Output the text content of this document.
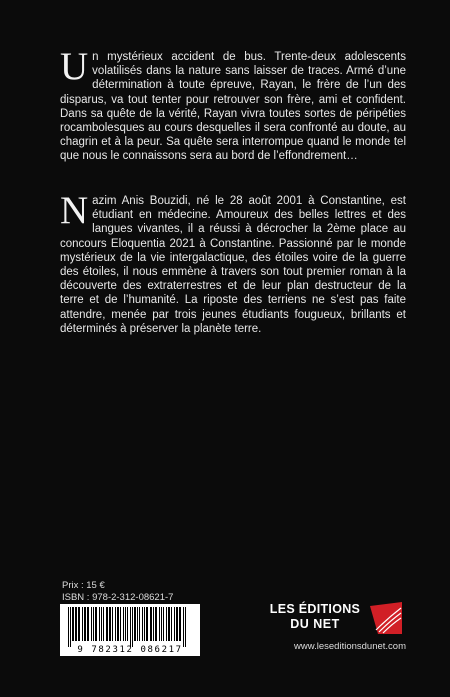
Un mystérieux accident de bus. Trente-deux adolescents volatilisés dans la nature sans laisser de traces. Armé d’une détermination à toute épreuve, Rayan, le frère de l’un des disparus, va tout tenter pour retrouver son frère, ami et confident. Dans sa quête de la vérité, Rayan vivra toutes sortes de péripéties rocambolesques au cours desquelles il sera confronté au doute, au chagrin et à la peur. Sa quête sera interrompue quand le monde tel que nous le connaissons sera au bord de l’effondrement…

Nazim Anis Bouzidi, né le 28 août 2001 à Constantine, est étudiant en médecine. Amoureux des belles lettres et des langues vivantes, il a réussi à décrocher la 2ème place au concours Eloquentia 2021 à Constantine. Passionné par le monde mystérieux de la vie intergalactique, des étoiles voire de la guerre des étoiles, il nous emmène à travers son tout premier roman à la découverte des extraterrestres et de leur plan destructeur de la terre et de l’humanité. La riposte des terriens ne s’est pas faite attendre, menée par trois jeunes étudiants fougueux, brillants et déterminés à préserver la planète terre.

Prix : 15 €

ISBN : 978-2-312-08621-7

9 782312 086217
LES ÉDITIONS
DU NET

www.leseditionsdunet.com
